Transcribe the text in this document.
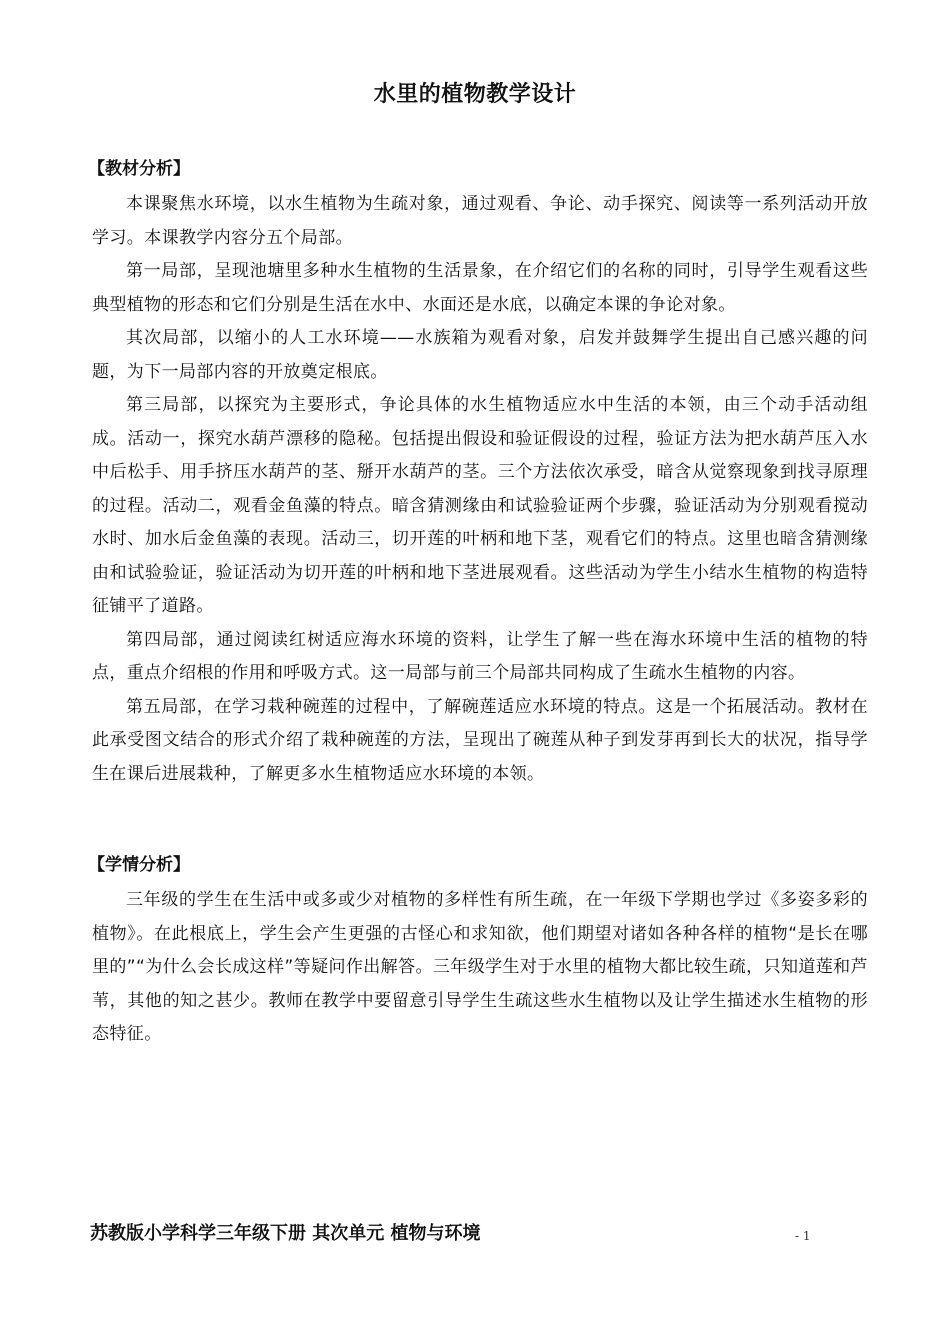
水里的植物教学设计
【教材分析】

本课聚焦水环境，以水生植物为生疏对象，通过观看、争论、动手探究、阅读等一系列活动开放学习。本课教学内容分五个局部。

第一局部，呈现池塘里多种水生植物的生活景象，在介绍它们的名称的同时，引导学生观看这些典型植物的形态和它们分别是生活在水中、水面还是水底，以确定本课的争论对象。

其次局部，以缩小的人工水环境——水族箱为观看对象，启发并鼓舞学生提出自己感兴趣的问题，为下一局部内容的开放奠定根底。

第三局部，以探究为主要形式，争论具体的水生植物适应水中生活的本领，由三个动手活动组成。活动一，探究水葫芦漂移的隐秘。包括提出假设和验证假设的过程，验证方法为把水葫芦压入水中后松手、用手挤压水葫芦的茎、掰开水葫芦的茎。三个方法依次承受，暗含从觉察现象到找寻原理的过程。活动二，观看金鱼藻的特点。暗含猜测缘由和试验验证两个步骤，验证活动为分别观看搅动水时、加水后金鱼藻的表现。活动三，切开莲的叶柄和地下茎，观看它们的特点。这里也暗含猜测缘由和试验验证，验证活动为切开莲的叶柄和地下茎进展观看。这些活动为学生小结水生植物的构造特征铺平了道路。

第四局部，通过阅读红树适应海水环境的资料，让学生了解一些在海水环境中生活的植物的特点，重点介绍根的作用和呼吸方式。这一局部与前三个局部共同构成了生疏水生植物的内容。

第五局部，在学习栽种碗莲的过程中，了解碗莲适应水环境的特点。这是一个拓展活动。教材在此承受图文结合的形式介绍了栽种碗莲的方法，呈现出了碗莲从种子到发芽再到长大的状况，指导学生在课后进展栽种，了解更多水生植物适应水环境的本领。

【学情分析】

三年级的学生在生活中或多或少对植物的多样性有所生疏，在一年级下学期也学过《多姿多彩的植物》。在此根底上，学生会产生更强的古怪心和求知欲，他们期望对诸如各种各样的植物“是长在哪里的”“为什么会长成这样”等疑问作出解答。三年级学生对于水里的植物大都比较生疏，只知道莲和芦苇，其他的知之甚少。教师在教学中要留意引导学生生疏这些水生植物以及让学生描述水生植物的形态特征。

苏教版小学科学三年级下册 其次单元 植物与环境	- 1
